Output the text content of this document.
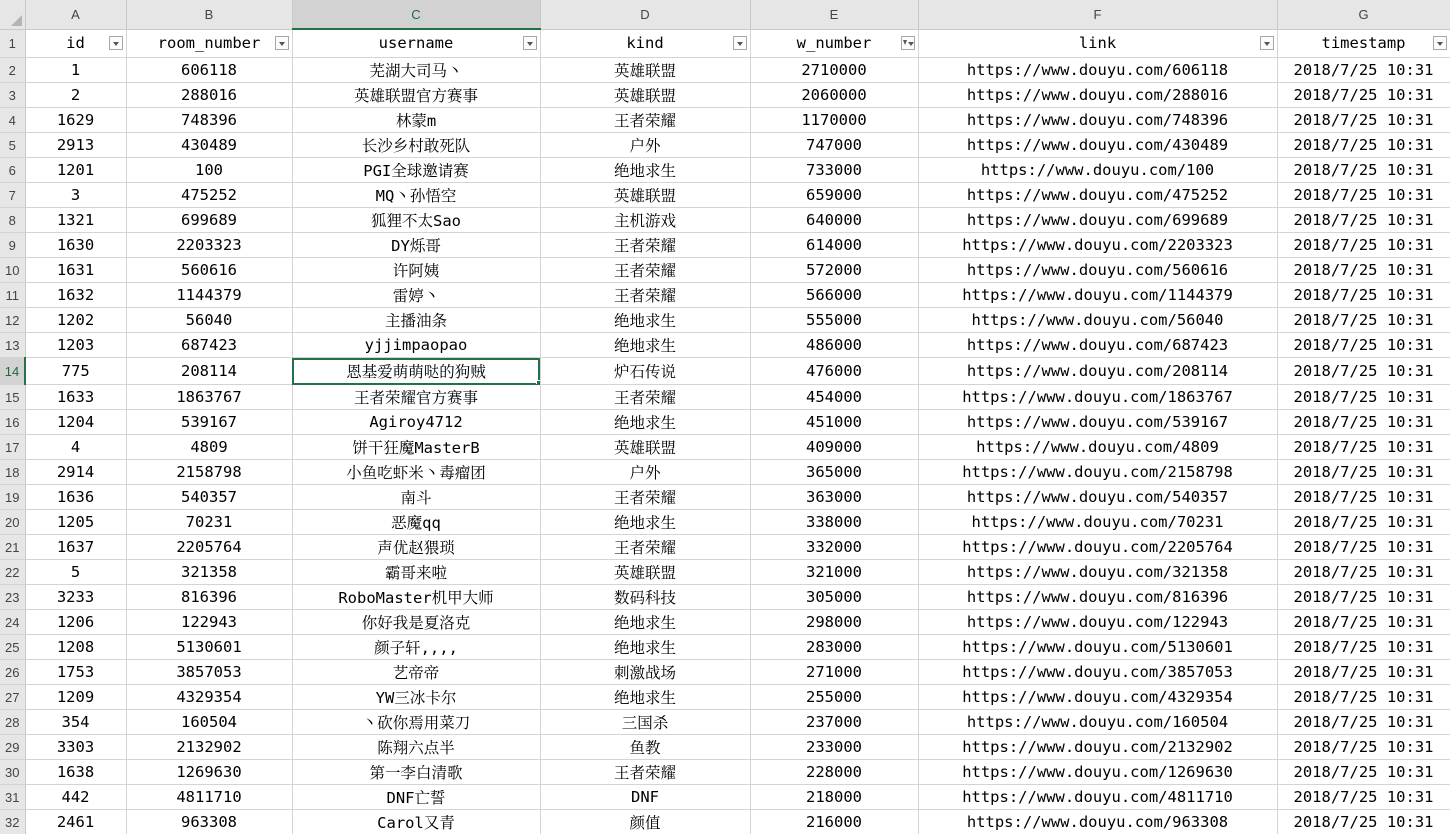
	A	B	C	D	E	F	G
1	id	room_number	username	kind	w_number	link	timestamp

2	1	606118	芜湖大司马丶	英雄联盟	2710000	https://www.douyu.com/606118	2018/7/25 10:31
3	2	288016	英雄联盟官方赛事	英雄联盟	2060000	https://www.douyu.com/288016	2018/7/25 10:31
4	1629	748396	林蒙m	王者荣耀	1170000	https://www.douyu.com/748396	2018/7/25 10:31
5	2913	430489	长沙乡村敢死队	户外	747000	https://www.douyu.com/430489	2018/7/25 10:31
6	1201	100	PGI全球邀请赛	绝地求生	733000	https://www.douyu.com/100	2018/7/25 10:31
7	3	475252	MQ丶孙悟空	英雄联盟	659000	https://www.douyu.com/475252	2018/7/25 10:31
8	1321	699689	狐狸不太Sao	主机游戏	640000	https://www.douyu.com/699689	2018/7/25 10:31
9	1630	2203323	DY烁哥	王者荣耀	614000	https://www.douyu.com/2203323	2018/7/25 10:31
10	1631	560616	许阿姨	王者荣耀	572000	https://www.douyu.com/560616	2018/7/25 10:31
11	1632	1144379	雷婷丶	王者荣耀	566000	https://www.douyu.com/1144379	2018/7/25 10:31
12	1202	56040	主播油条	绝地求生	555000	https://www.douyu.com/56040	2018/7/25 10:31
13	1203	687423	yjjimpaopao	绝地求生	486000	https://www.douyu.com/687423	2018/7/25 10:31
14	775	208114	恩基爱萌萌哒的狗贼	炉石传说	476000	https://www.douyu.com/208114	2018/7/25 10:31
15	1633	1863767	王者荣耀官方赛事	王者荣耀	454000	https://www.douyu.com/1863767	2018/7/25 10:31
16	1204	539167	Agiroy4712	绝地求生	451000	https://www.douyu.com/539167	2018/7/25 10:31
17	4	4809	饼干狂魔MasterB	英雄联盟	409000	https://www.douyu.com/4809	2018/7/25 10:31
18	2914	2158798	小鱼吃虾米丶毒瘤团	户外	365000	https://www.douyu.com/2158798	2018/7/25 10:31
19	1636	540357	南斗	王者荣耀	363000	https://www.douyu.com/540357	2018/7/25 10:31
20	1205	70231	恶魔qq	绝地求生	338000	https://www.douyu.com/70231	2018/7/25 10:31
21	1637	2205764	声优赵猥琐	王者荣耀	332000	https://www.douyu.com/2205764	2018/7/25 10:31
22	5	321358	霸哥来啦	英雄联盟	321000	https://www.douyu.com/321358	2018/7/25 10:31
23	3233	816396	RoboMaster机甲大师	数码科技	305000	https://www.douyu.com/816396	2018/7/25 10:31
24	1206	122943	你好我是夏洛克	绝地求生	298000	https://www.douyu.com/122943	2018/7/25 10:31
25	1208	5130601	颜子轩,,,,	绝地求生	283000	https://www.douyu.com/5130601	2018/7/25 10:31
26	1753	3857053	艺帝帝	刺激战场	271000	https://www.douyu.com/3857053	2018/7/25 10:31
27	1209	4329354	YW三冰卡尔	绝地求生	255000	https://www.douyu.com/4329354	2018/7/25 10:31
28	354	160504	丶砍你焉用菜刀	三国杀	237000	https://www.douyu.com/160504	2018/7/25 10:31
29	3303	2132902	陈翔六点半	鱼教	233000	https://www.douyu.com/2132902	2018/7/25 10:31
30	1638	1269630	第一李白清歌	王者荣耀	228000	https://www.douyu.com/1269630	2018/7/25 10:31
31	442	4811710	DNF亡誓	DNF	218000	https://www.douyu.com/4811710	2018/7/25 10:31
32	2461	963308	Carol又青	颜值	216000	https://www.douyu.com/963308	2018/7/25 10:31
